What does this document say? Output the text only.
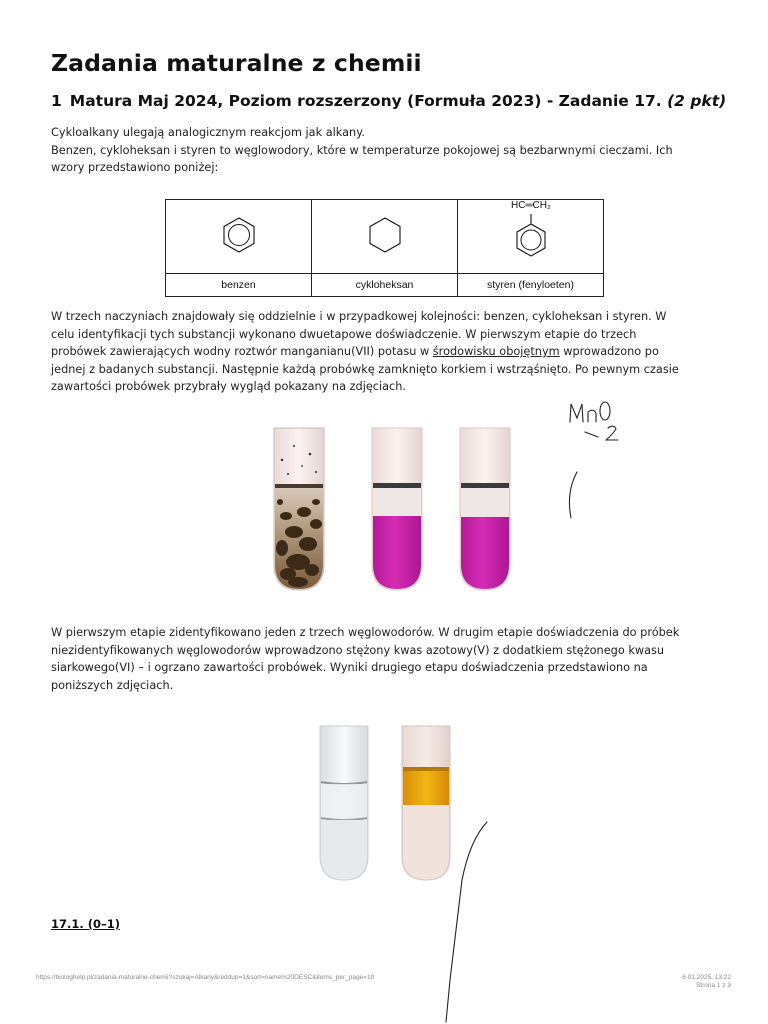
Zadania maturalne z chemii
1 Matura Maj 2024, Poziom rozszerzony (Formuła 2023) - Zadanie 17. (2 pkt)

Cykloalkany ulegają analogicznym reakcjom jak alkany.

Benzen, cykloheksan i styren to węglowodory, które w temperaturze pokojowej są bezbarwnymi cieczami. Ich wzory przedstawiono poniżej:

HC═CH₂

benzen	cykloheksan	styren (fenyloeten)

W trzech naczyniach znajdowały się oddzielnie i w przypadkowej kolejności: benzen, cykloheksan i styren. W celu identyfikacji tych substancji wykonano dwuetapowe doświadczenie. W pierwszym etapie do trzech probówek zawierających wodny roztwór manganianu(VII) potasu w środowisku obojętnym wprowadzono po jednej z badanych substancji. Następnie każdą probówkę zamknięto korkiem i wstrząśnięto. Po pewnym czasie zawartości probówek przybrały wygląd pokazany na zdjęciach.

MnO₂

W pierwszym etapie zidentyfikowano jeden z trzech węglowodorów. W drugim etapie doświadczenia do próbek niezidentyfikowanych węglowodorów wprowadzono stężony kwas azotowy(V) z dodatkiem stężonego kwasu siarkowego(VI) – i ogrzano zawartości probówek. Wyniki drugiego etapu doświadczenia przedstawiono na poniższych zdjęciach.

17.1. (0–1)

https://biologhelp.pl/zadania-maturalne-chemii?szukaj=Alkany&reddup=1&sort=name%20DESC&items_per_page=10	6.01.2025, 13:22
Strona 1 z 3
